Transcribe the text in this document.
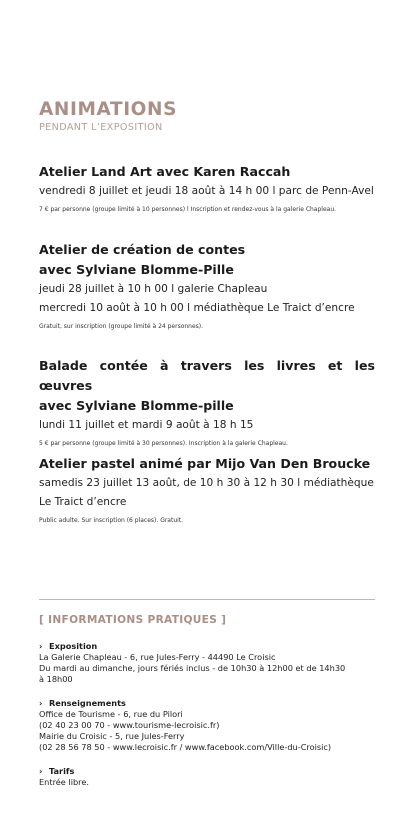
ANIMATIONS

PENDANT L’EXPOSITION

Atelier Land Art avec Karen Raccah

vendredi 8 juillet et jeudi 18 août à 14 h 00 l parc de Penn-Avel

7 € par personne (groupe limité à 10 personnes) l Inscription et rendez-vous à la galerie Chapleau.

Atelier de création de contes

avec Sylviane Blomme-Pille

jeudi 28 juillet à 10 h 00 l galerie Chapleau

mercredi 10 août à 10 h 00 l médiathèque Le Traict d’encre

Gratuit, sur inscription (groupe limité à 24 personnes).

Balade contée à travers les livres et les œuvres

avec Sylviane Blomme-pille

lundi 11 juillet et mardi 9 août à 18 h 15

5 € par personne (groupe limité à 30 personnes). Inscription à la galerie Chapleau.

Atelier pastel animé par Mijo Van Den Broucke

samedis 23 juillet 13 août, de 10 h 30 à 12 h 30 l médiathèque

Le Traict d’encre

Public adulte. Sur inscription (6 places). Gratuit.

[ INFORMATIONS PRATIQUES ]

› Exposition

La Galerie Chapleau - 6, rue Jules-Ferry - 44490 Le Croisic

Du mardi au dimanche, jours fériés inclus - de 10h30 à 12h00 et de 14h30

à 18h00

› Renseignements

Office de Tourisme - 6, rue du Pilori

(02 40 23 00 70 - www.tourisme-lecroisic.fr)

Mairie du Croisic - 5, rue Jules-Ferry

(02 28 56 78 50 - www.lecroisic.fr / www.facebook.com/Ville-du-Croisic)

› Tarifs

Entrée libre.
